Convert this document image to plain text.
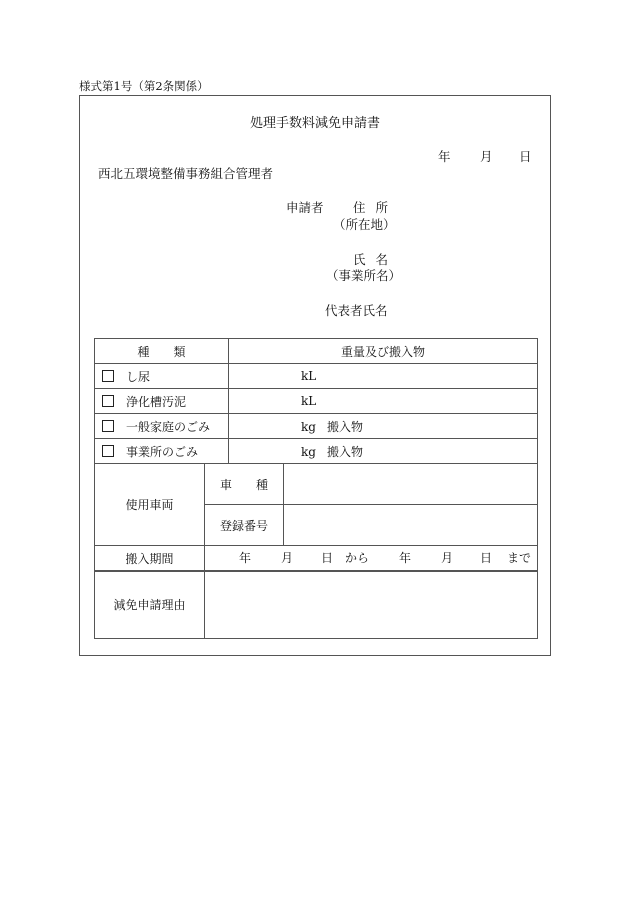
様式第1号（第2条関係）
処理手数料減免申請書
年 月 日
西北五環境整備事務組合管理者
申請者 住所
（所在地）
氏名
（事業所名）
代表者氏名
種　　類	重量及び搬入物
し尿	kL
浄化槽汚泥	kL
一般家庭のごみ	kg 搬入物
事業所のごみ	kg 搬入物
使用車両	車　　種	
	登録番号	
搬入期間	年 月 日 から 年 月 日 まで
減免申請理由	
